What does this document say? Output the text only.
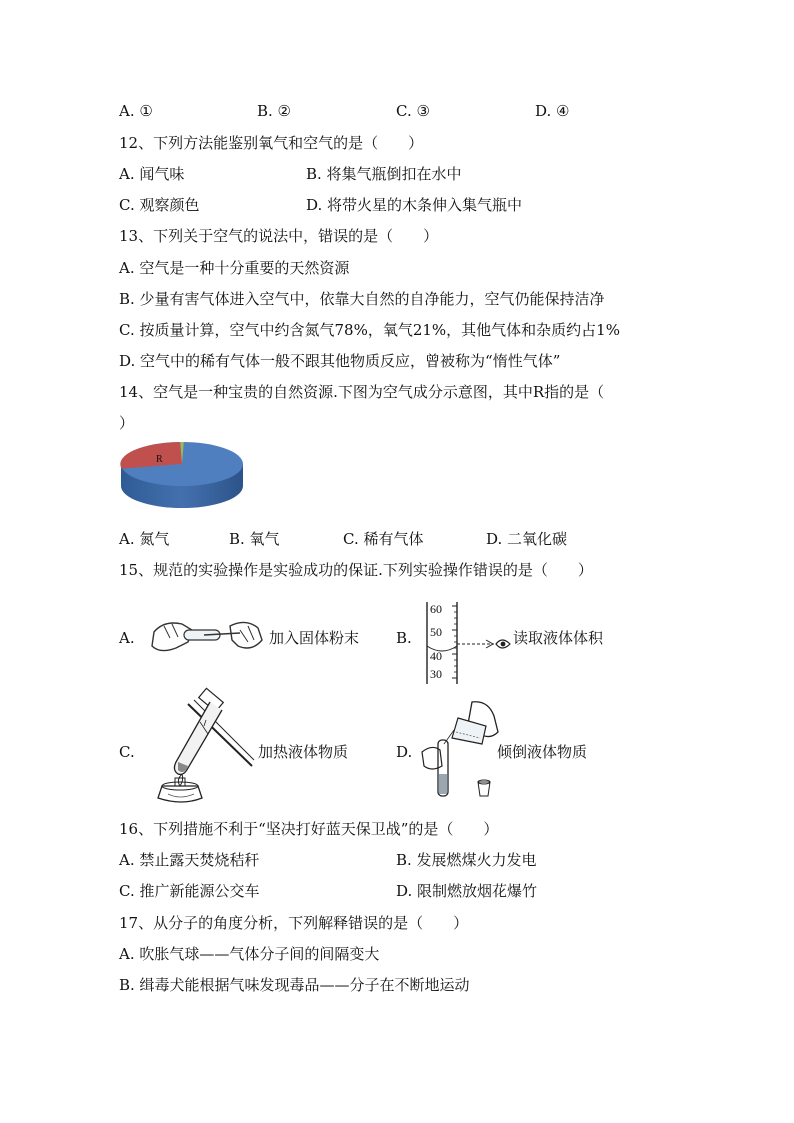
A. ①	B. ②	C. ③	D. ④
12、下列方法能鉴别氧气和空气的是（　　）
A. 闻气味	B. 将集气瓶倒扣在水中
C. 观察颜色	D. 将带火星的木条伸入集气瓶中
13、下列关于空气的说法中，错误的是（　　）
A. 空气是一种十分重要的天然资源
B. 少量有害气体进入空气中，依靠大自然的自净能力，空气仍能保持洁净
C. 按质量计算，空气中约含氮气78%，氧气21%，其他气体和杂质约占1%
D. 空气中的稀有气体一般不跟其他物质反应，曾被称为“惰性气体”
14、空气是一种宝贵的自然资源.下图为空气成分示意图，其中R指的是（
）
R
A. 氮气	B. 氧气	C. 稀有气体	D. 二氧化碳
15、规范的实验操作是实验成功的保证.下列实验操作错误的是（　　）
A.	加入固体粉末 B.
60
50
40
30
读取液体体积
C.	加热液体物质	D.	倾倒液体物质
16、下列措施不利于“坚决打好蓝天保卫战”的是（　　）
A. 禁止露天焚烧秸秆	B. 发展燃煤火力发电
C. 推广新能源公交车	D. 限制燃放烟花爆竹
17、从分子的角度分析，下列解释错误的是（　　）
A. 吹胀气球——气体分子间的间隔变大
B. 缉毒犬能根据气味发现毒品——分子在不断地运动
